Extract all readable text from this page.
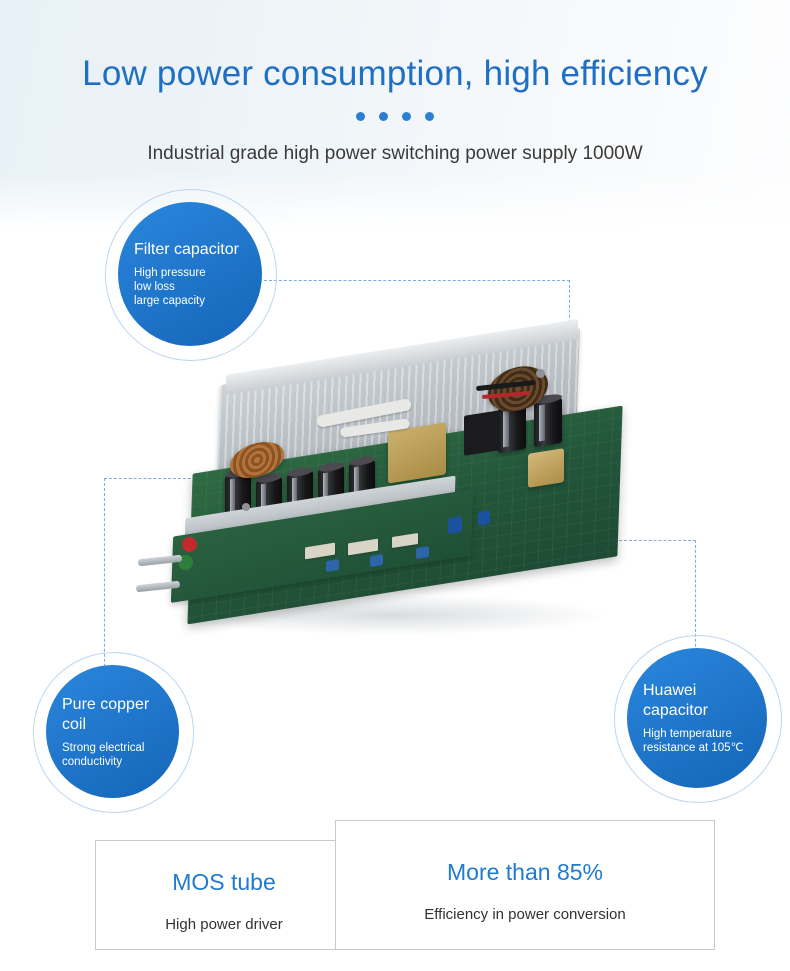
Low power consumption, high efficiency
Industrial grade high power switching power supply 1000W
Filter capacitor
High pressure
low loss
large capacity
Pure copper coil
Strong electrical
conductivity
Huawei capacitor
High temperature
resistance at 105℃
MOS tube
High power driver
More than 85%
Efficiency in power conversion
